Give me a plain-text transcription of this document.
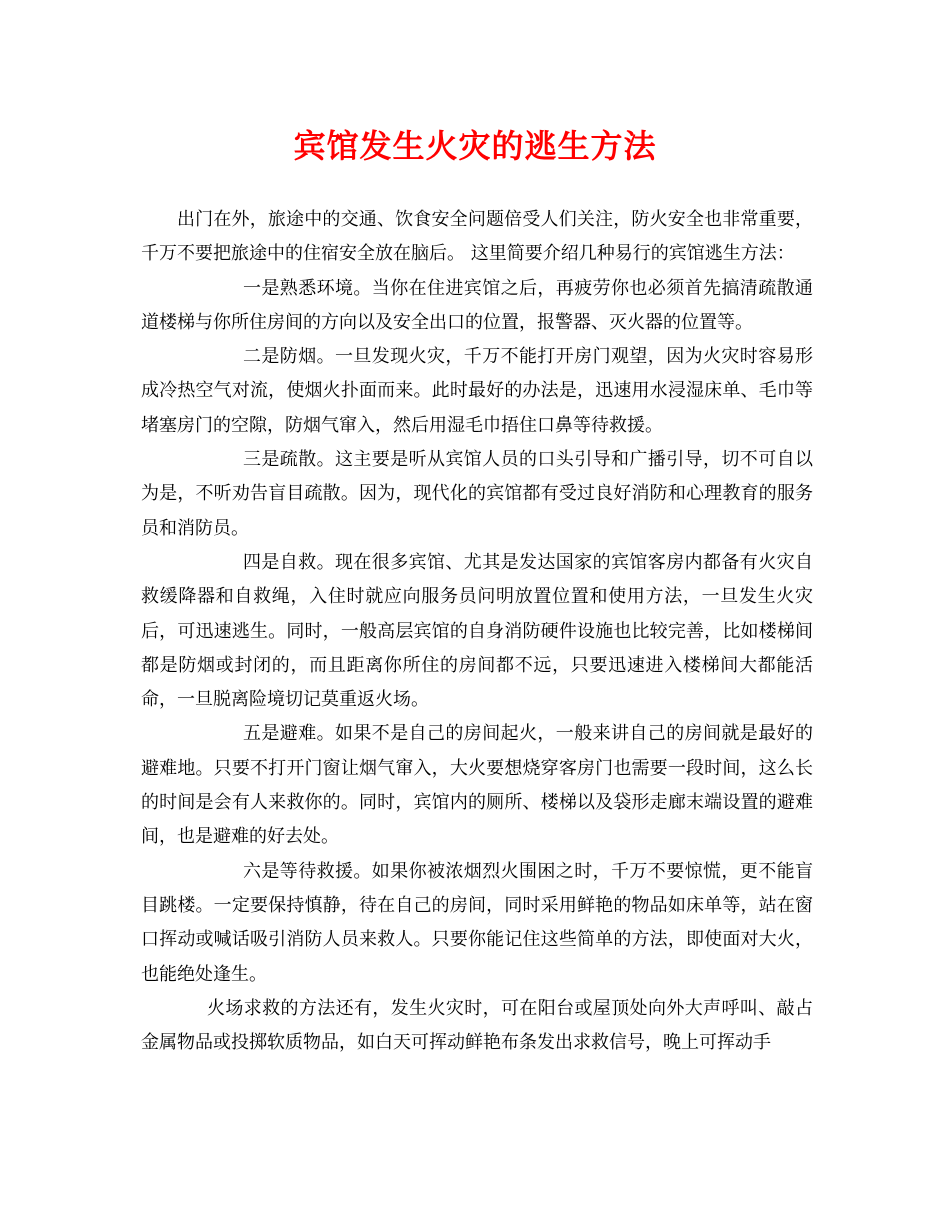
宾馆发生火灾的逃生方法

出门在外，旅途中的交通、饮食安全问题倍受人们关注，防火安全也非常重要，千万不要把旅途中的住宿安全放在脑后。 这里简要介绍几种易行的宾馆逃生方法：

一是熟悉环境。当你在住进宾馆之后，再疲劳你也必须首先搞清疏散通道楼梯与你所住房间的方向以及安全出口的位置，报警器、灭火器的位置等。

二是防烟。一旦发现火灾，千万不能打开房门观望，因为火灾时容易形成冷热空气对流，使烟火扑面而来。此时最好的办法是，迅速用水浸湿床单、毛巾等堵塞房门的空隙，防烟气窜入，然后用湿毛巾捂住口鼻等待救援。

三是疏散。这主要是听从宾馆人员的口头引导和广播引导，切不可自以为是，不听劝告盲目疏散。因为，现代化的宾馆都有受过良好消防和心理教育的服务员和消防员。

四是自救。现在很多宾馆、尤其是发达国家的宾馆客房内都备有火灾自救缓降器和自救绳，入住时就应向服务员问明放置位置和使用方法，一旦发生火灾后，可迅速逃生。同时，一般高层宾馆的自身消防硬件设施也比较完善，比如楼梯间都是防烟或封闭的，而且距离你所住的房间都不远，只要迅速进入楼梯间大都能活命，一旦脱离险境切记莫重返火场。

五是避难。如果不是自己的房间起火，一般来讲自己的房间就是最好的避难地。只要不打开门窗让烟气窜入，大火要想烧穿客房门也需要一段时间，这么长的时间是会有人来救你的。同时，宾馆内的厕所、楼梯以及袋形走廊末端设置的避难间，也是避难的好去处。

六是等待救援。如果你被浓烟烈火围困之时，千万不要惊慌，更不能盲目跳楼。一定要保持慎静，待在自己的房间，同时采用鲜艳的物品如床单等，站在窗口挥动或喊话吸引消防人员来救人。只要你能记住这些简单的方法，即使面对大火，也能绝处逢生。

火场求救的方法还有，发生火灾时，可在阳台或屋顶处向外大声呼叫、敲占金属物品或投掷软质物品，如白天可挥动鲜艳布条发出求救信号，晚上可挥动手
